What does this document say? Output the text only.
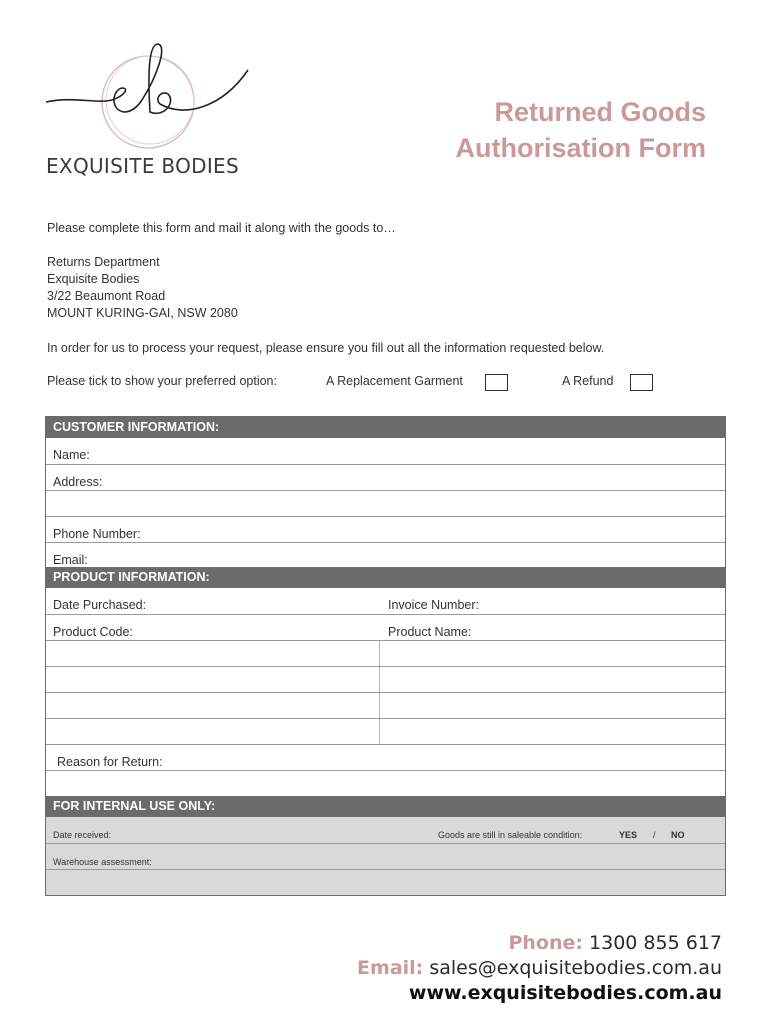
EXQUISITE BODIES
Returned Goods
Authorisation Form
Please complete this form and mail it along with the goods to…
Returns Department
Exquisite Bodies
3/22 Beaumont Road
MOUNT KURING-GAI, NSW 2080
In order for us to process your request, please ensure you fill out all the information requested below.
Please tick to show your preferred option:	A Replacement Garment	A Refund
CUSTOMER INFORMATION:
Name:
Address:
Phone Number:
Email:
PRODUCT INFORMATION:
Date Purchased:	Invoice Number:
Product Code:	Product Name:
Reason for Return:
FOR INTERNAL USE ONLY:
Date received:	Goods are still in saleable condition:	YES / NO
Warehouse assessment:
Phone: 1300 855 617
Email: sales@exquisitebodies.com.au
www.exquisitebodies.com.au
